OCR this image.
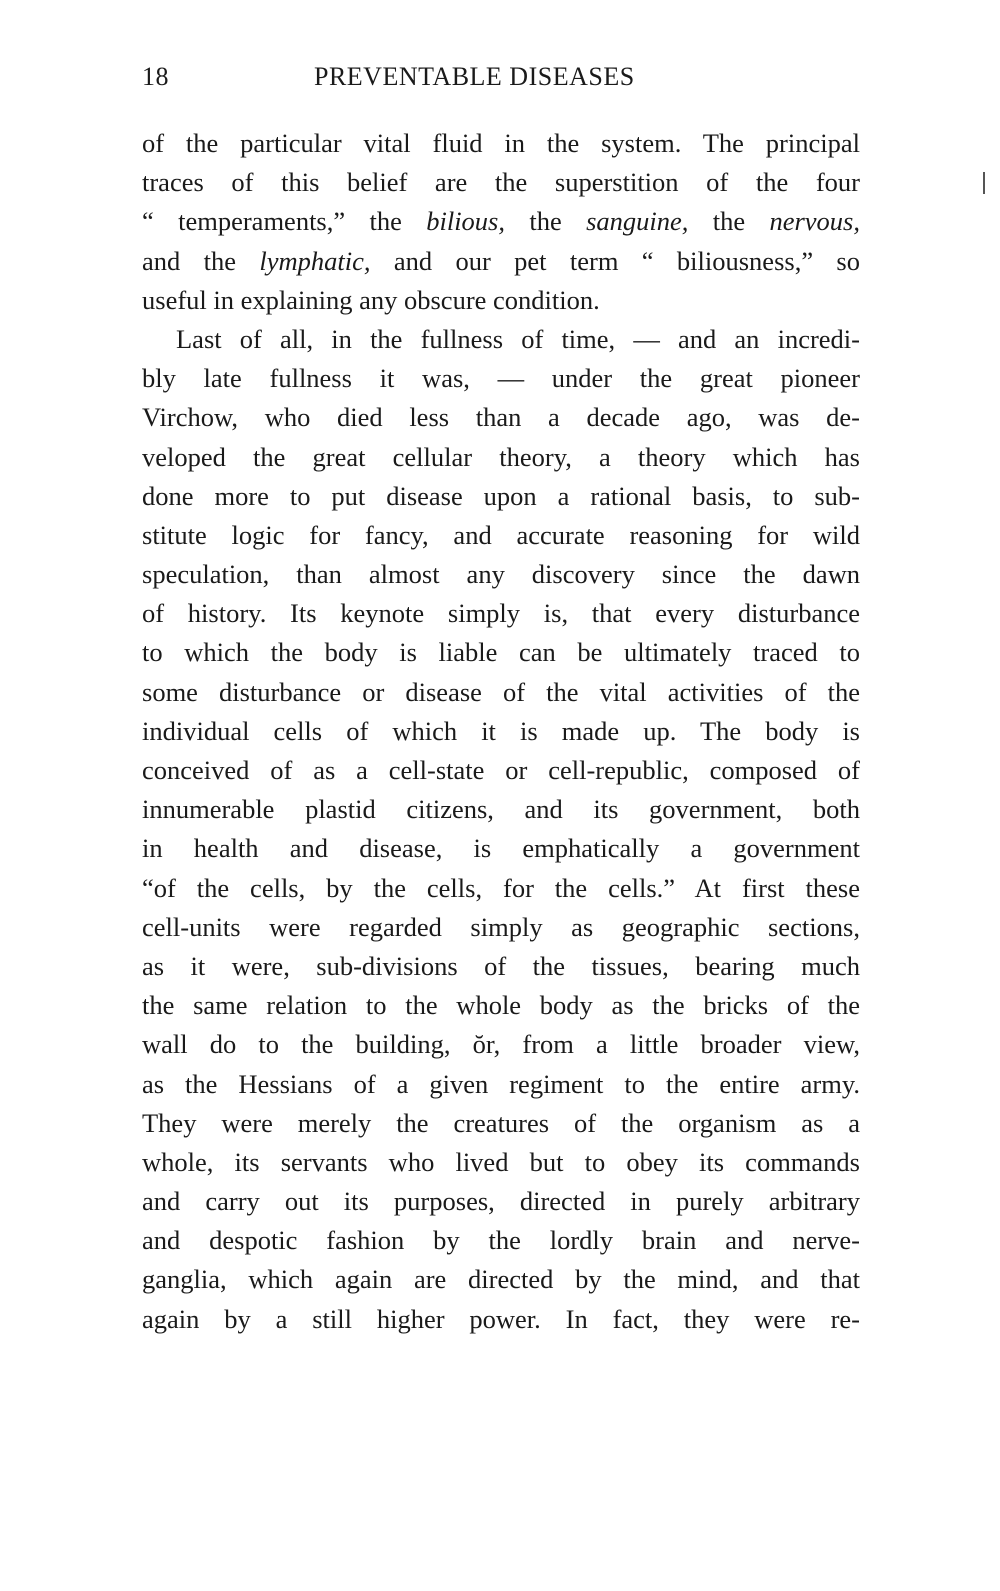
18	PREVENTABLE DISEASES
of the particular vital fluid in the system. The principal
traces of this belief are the superstition of the four
“ temperaments,” the bilious, the sanguine, the nervous,
and the lymphatic, and our pet term “ biliousness,” so
useful in explaining any obscure condition.
Last of all, in the fullness of time, — and an incredi-
bly late fullness it was, — under the great pioneer
Virchow, who died less than a decade ago, was de-
veloped the great cellular theory, a theory which has
done more to put disease upon a rational basis, to sub-
stitute logic for fancy, and accurate reasoning for wild
speculation, than almost any discovery since the dawn
of history. Its keynote simply is, that every disturbance
to which the body is liable can be ultimately traced to
some disturbance or disease of the vital activities of the
individual cells of which it is made up. The body is
conceived of as a cell-state or cell-republic, composed of
innumerable plastid citizens, and its government, both
in health and disease, is emphatically a government
“of the cells, by the cells, for the cells.” At first these
cell-units were regarded simply as geographic sections,
as it were, sub-divisions of the tissues, bearing much
the same relation to the whole body as the bricks of the
wall do to the building, ŏr, from a little broader view,
as the Hessians of a given regiment to the entire army.
They were merely the creatures of the organism as a
whole, its servants who lived but to obey its commands
and carry out its purposes, directed in purely arbitrary
and despotic fashion by the lordly brain and nerve-
ganglia, which again are directed by the mind, and that
again by a still higher power. In fact, they were re-
